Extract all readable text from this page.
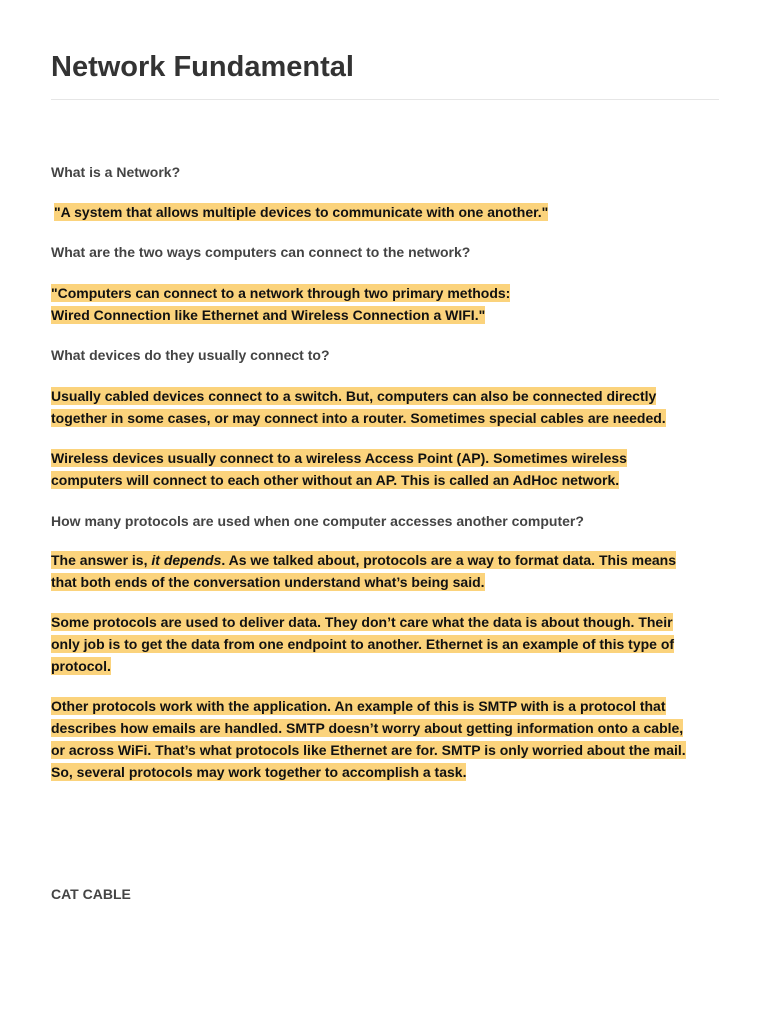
Network Fundamental

What is a Network?

"A system that allows multiple devices to communicate with one another."

What are the two ways computers can connect to the network?

"Computers can connect to a network through two primary methods:
Wired Connection like Ethernet and Wireless Connection a WIFI."

What devices do they usually connect to?

Usually cabled devices connect to a switch. But, computers can also be connected directly
together in some cases, or may connect into a router. Sometimes special cables are needed.

Wireless devices usually connect to a wireless Access Point (AP). Sometimes wireless
computers will connect to each other without an AP. This is called an AdHoc network.

How many protocols are used when one computer accesses another computer?

The answer is, it depends. As we talked about, protocols are a way to format data. This means
that both ends of the conversation understand what’s being said.

Some protocols are used to deliver data. They don’t care what the data is about though. Their
only job is to get the data from one endpoint to another. Ethernet is an example of this type of
protocol.

Other protocols work with the application. An example of this is SMTP with is a protocol that
describes how emails are handled. SMTP doesn’t worry about getting information onto a cable,
or across WiFi. That’s what protocols like Ethernet are for. SMTP is only worried about the mail.
So, several protocols may work together to accomplish a task.

CAT CABLE
